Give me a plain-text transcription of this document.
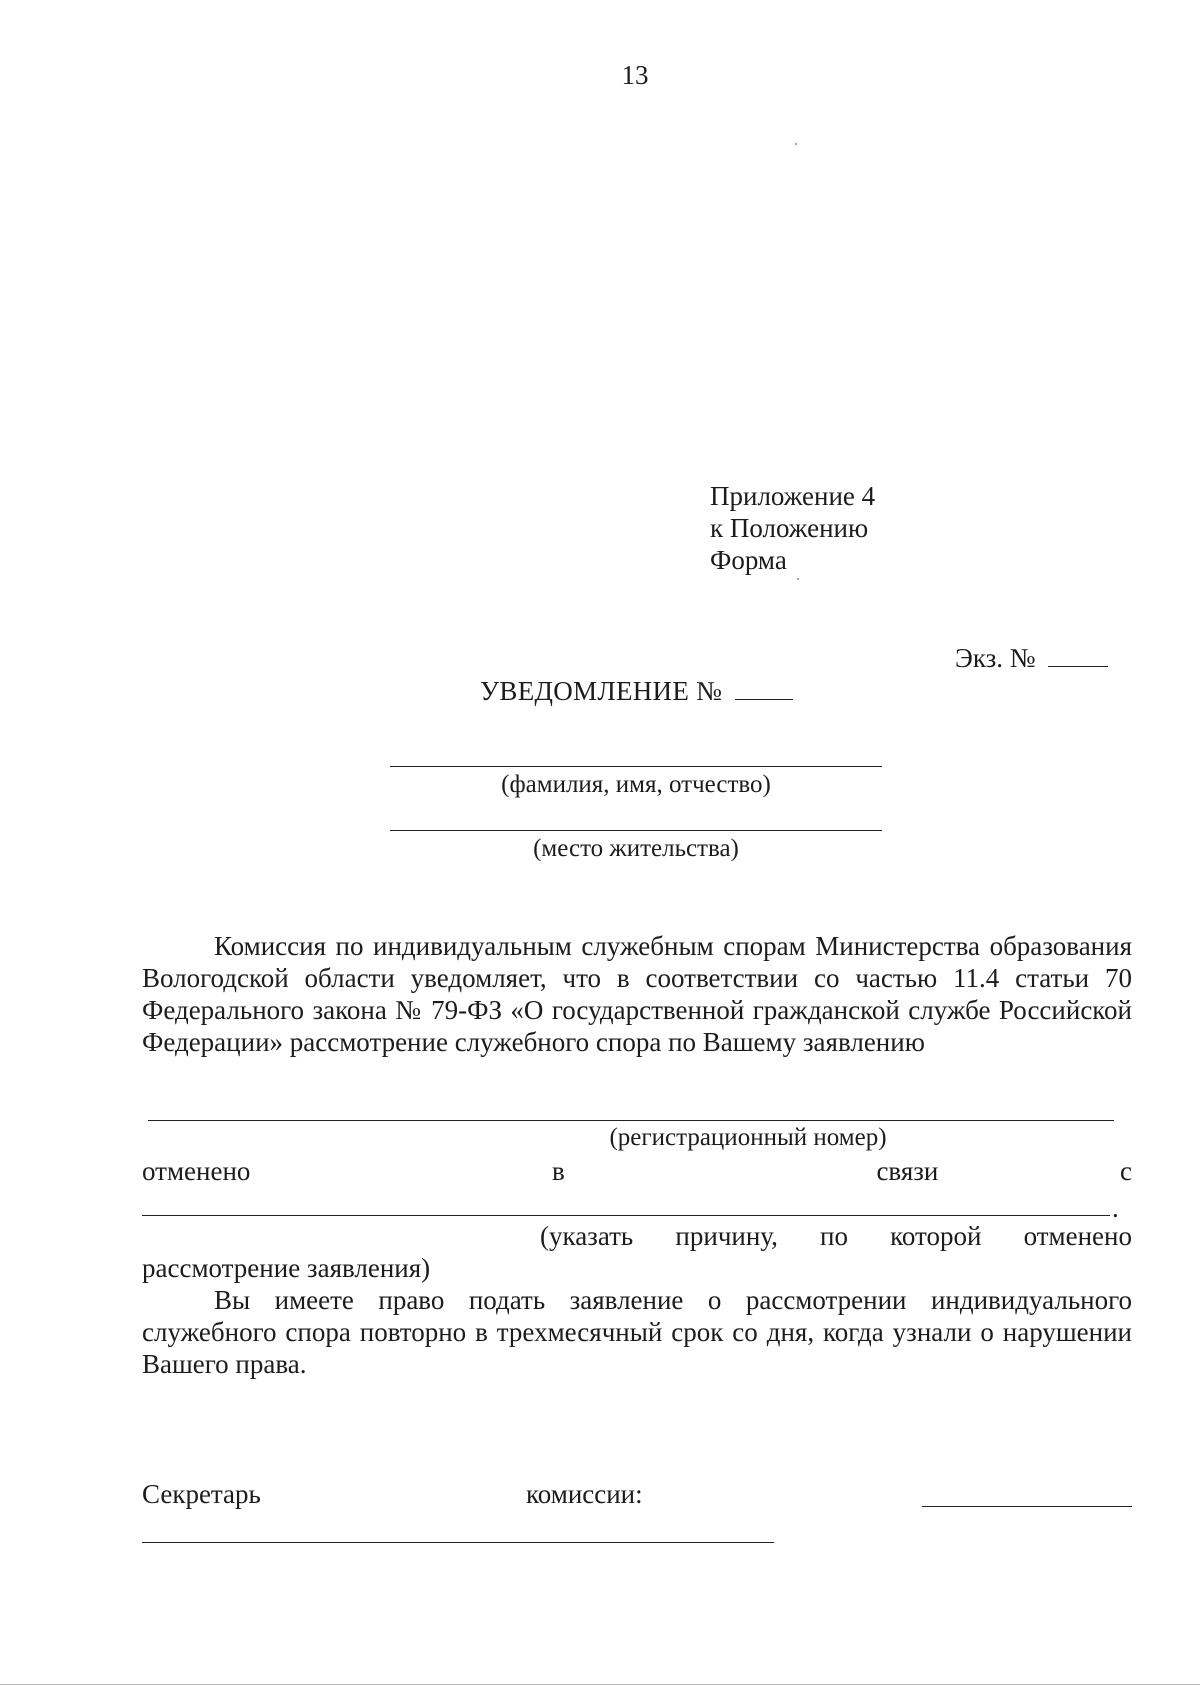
13
Приложение 4
к Положению
Форма
Экз. №
УВЕДОМЛЕНИЕ №
(фамилия, имя, отчество)
(место жительства)
Комиссия по индивидуальным служебным спорам Министерства образования Вологодской области уведомляет, что в соответствии со частью 11.4 статьи 70 Федерального закона № 79-ФЗ «О государственной гражданской службе Российской Федерации» рассмотрение служебного спора по Вашему заявлению
(регистрационный номер)
отменено	в	связи	с
.
(указать причину, по которой отменено
рассмотрение заявления)
Вы имеете право подать заявление о рассмотрении индивидуального служебного спора повторно в трехмесячный срок со дня, когда узнали о нарушении Вашего права.
Секретарь	комиссии:
